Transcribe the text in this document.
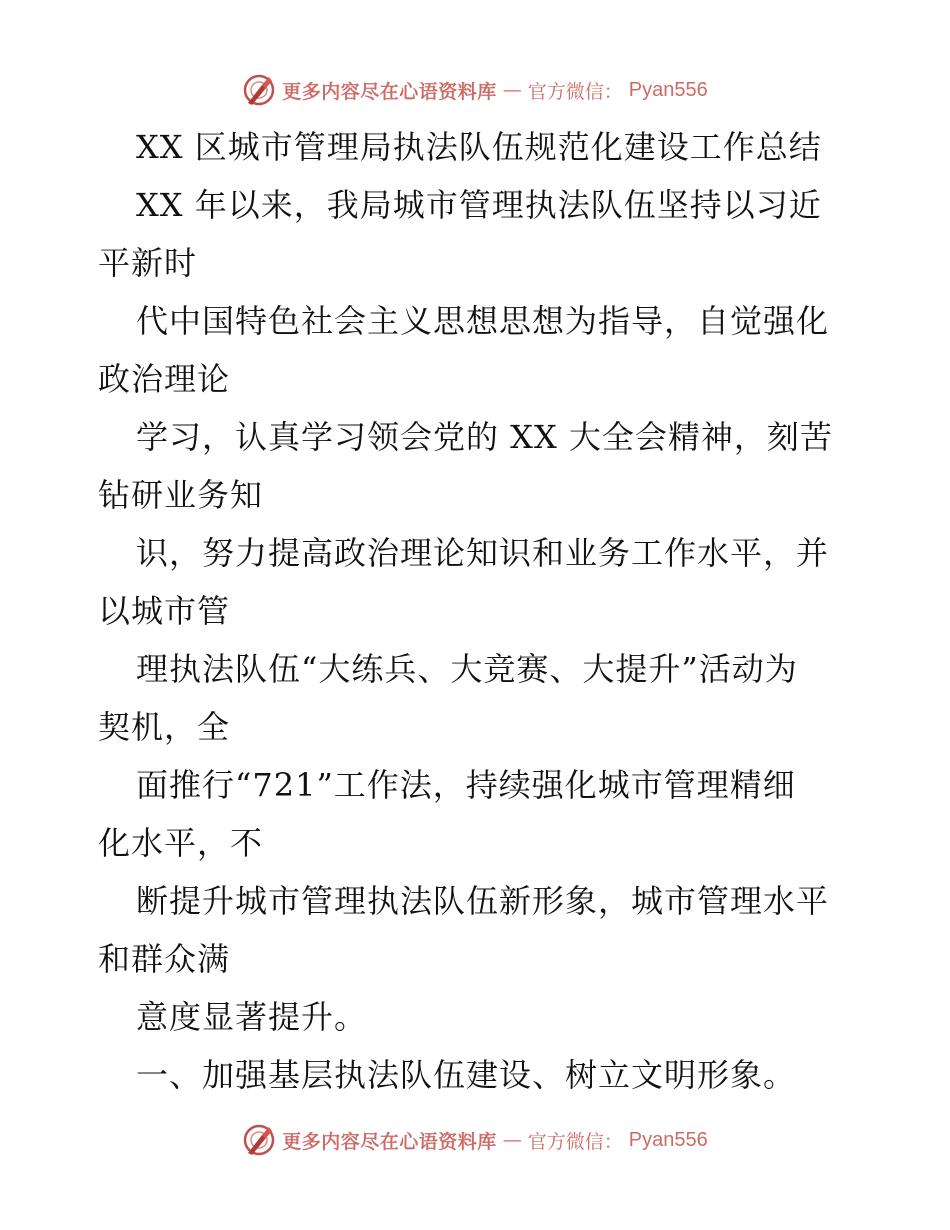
更多内容尽在心语资料库 — 官方微信： Pyan556
XX 区城市管理局执法队伍规范化建设工作总结
XX 年以来，我局城市管理执法队伍坚持以习近
平新时
代中国特色社会主义思想思想为指导，自觉强化
政治理论
学习，认真学习领会党的 XX 大全会精神，刻苦
钻研业务知
识，努力提高政治理论知识和业务工作水平，并
以城市管
理执法队伍“大练兵、大竞赛、大提升”活动为
契机，全
面推行“721”工作法，持续强化城市管理精细
化水平，不
断提升城市管理执法队伍新形象，城市管理水平
和群众满
意度显著提升。
一、加强基层执法队伍建设、树立文明形象。
更多内容尽在心语资料库 — 官方微信： Pyan556
